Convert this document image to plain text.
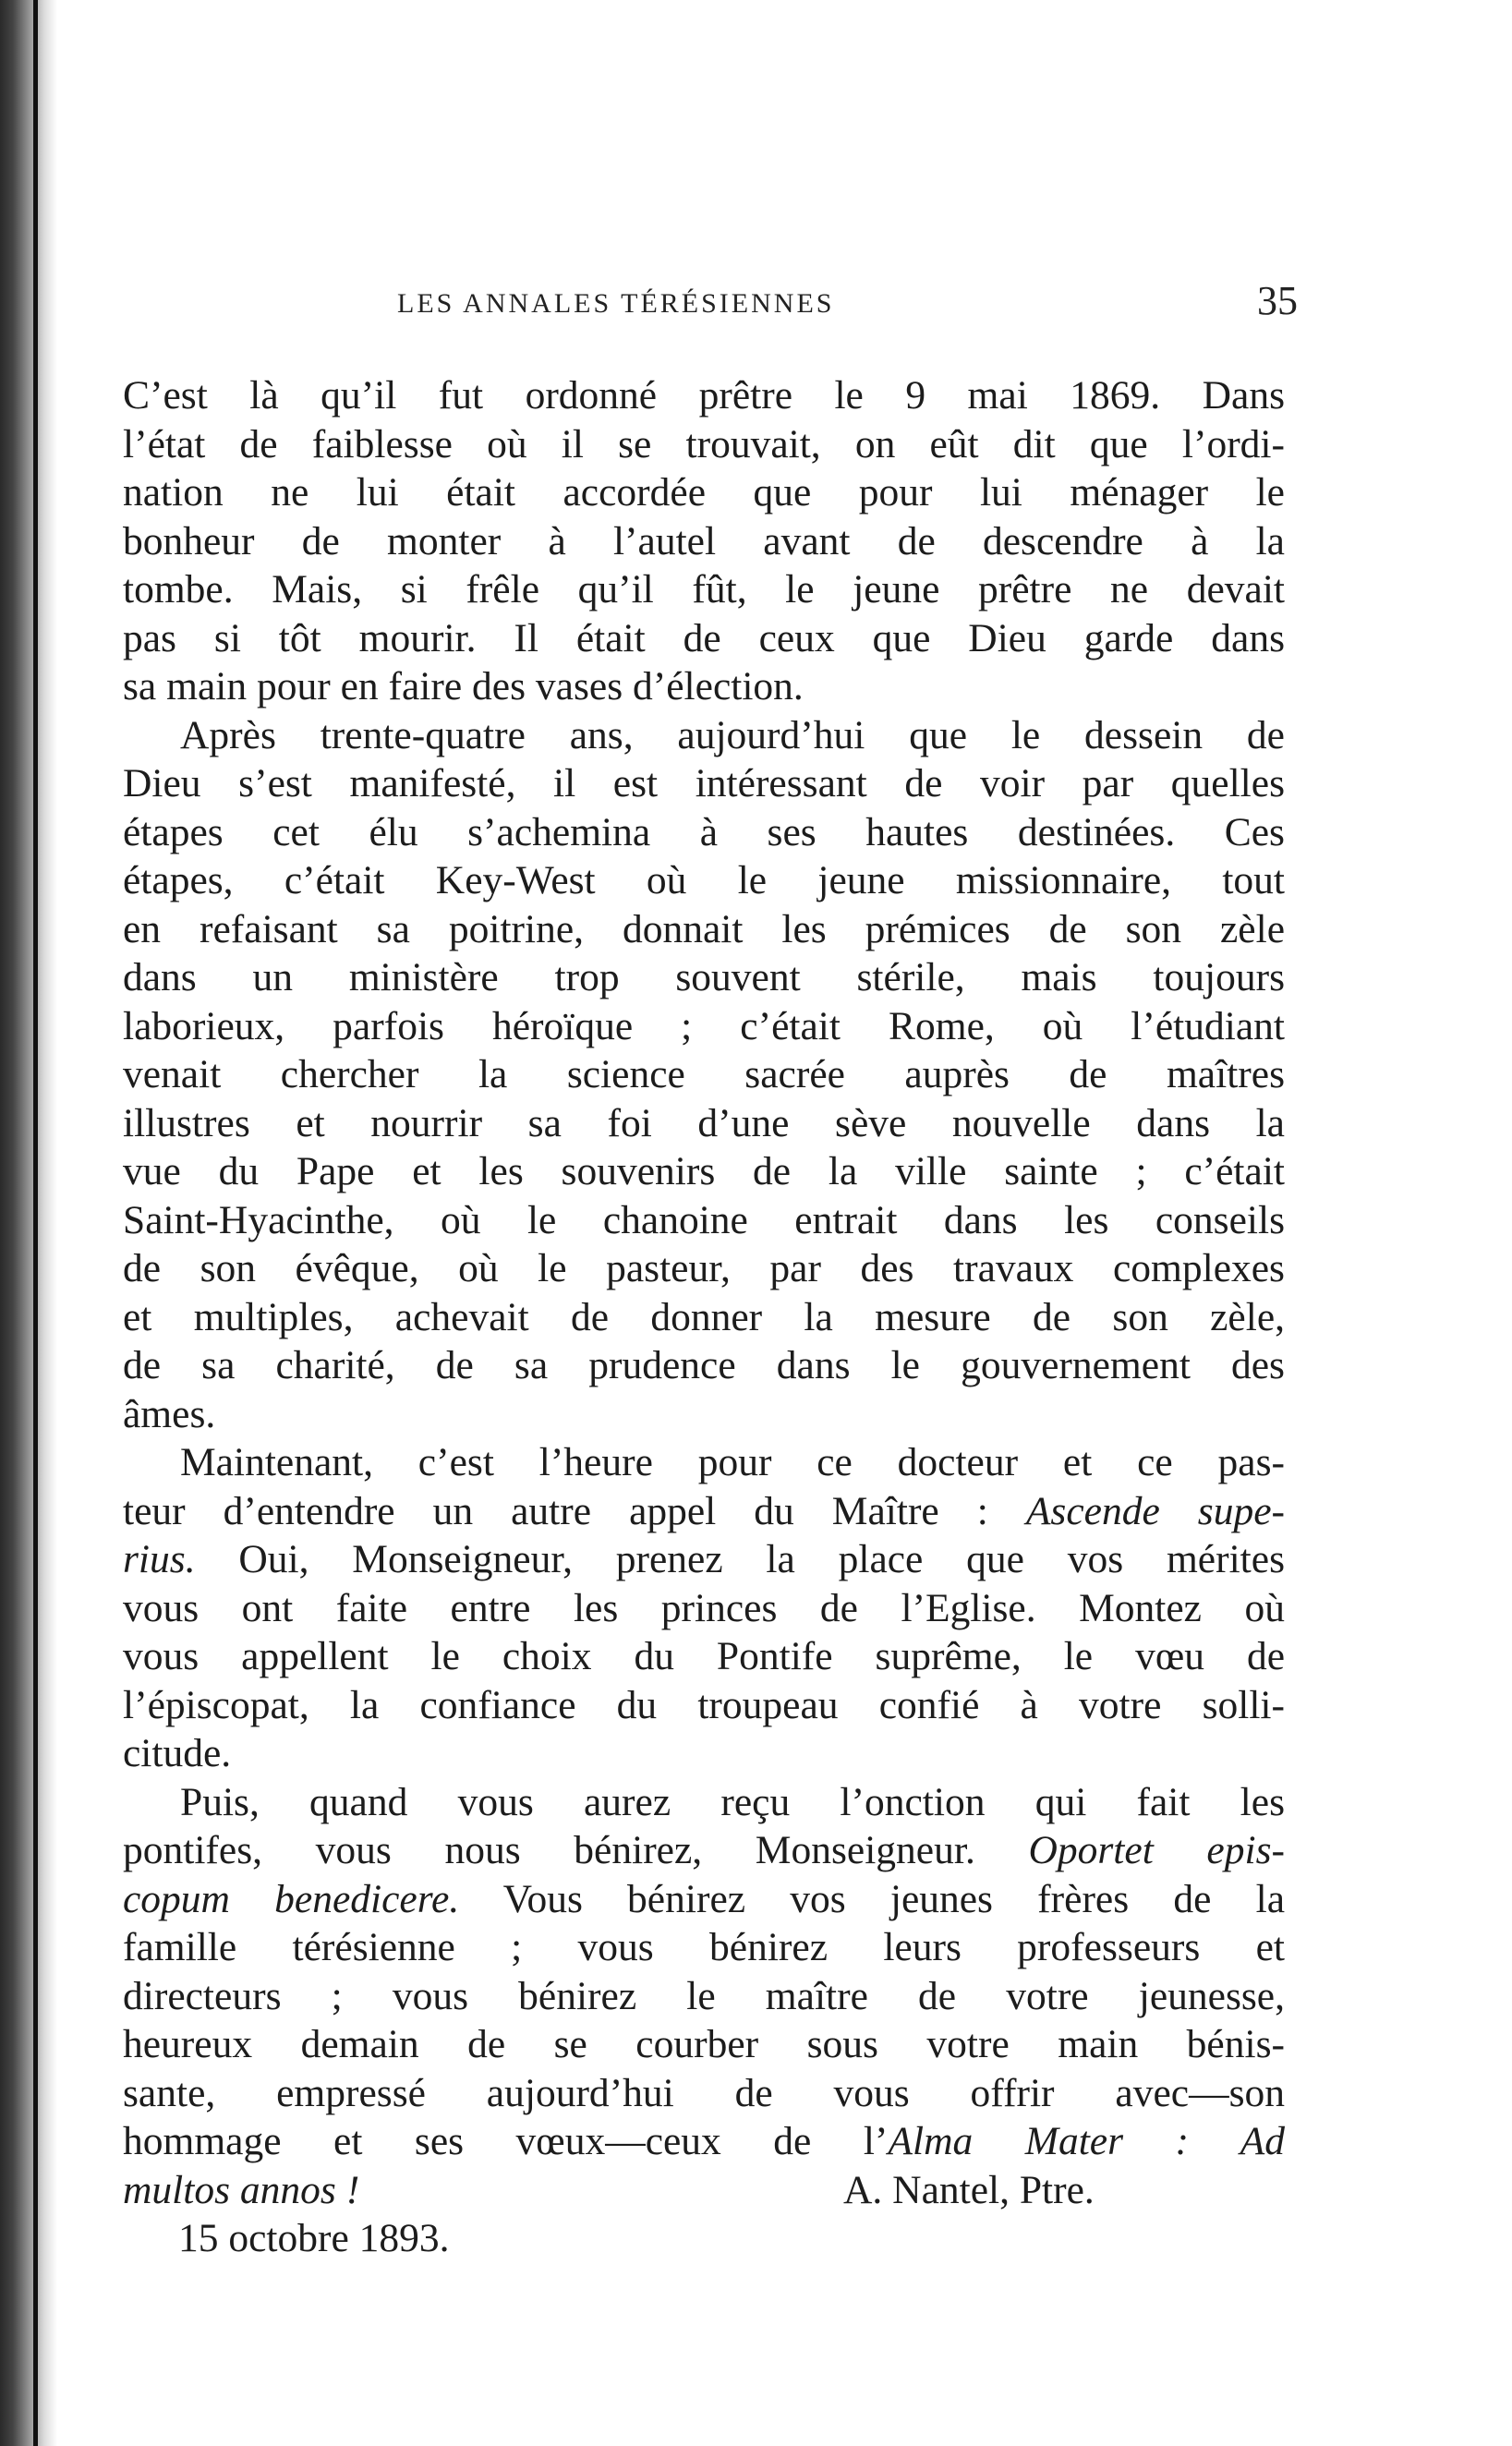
LES ANNALES TÉRÉSIENNES	35
C’est là qu’il fut ordonné prêtre le 9 mai 1869. Dans
l’état de faiblesse où il se trouvait, on eût dit que l’ordi-
nation ne lui était accordée que pour lui ménager le
bonheur de monter à l’autel avant de descendre à la
tombe. Mais, si frêle qu’il fût, le jeune prêtre ne devait
pas si tôt mourir. Il était de ceux que Dieu garde dans
sa main pour en faire des vases d’élection.
Après trente-quatre ans, aujourd’hui que le dessein de
Dieu s’est manifesté, il est intéressant de voir par quelles
étapes cet élu s’achemina à ses hautes destinées. Ces
étapes, c’était Key-West où le jeune missionnaire, tout
en refaisant sa poitrine, donnait les prémices de son zèle
dans un ministère trop souvent stérile, mais toujours
laborieux, parfois héroïque ; c’était Rome, où l’étudiant
venait chercher la science sacrée auprès de maîtres
illustres et nourrir sa foi d’une sève nouvelle dans la
vue du Pape et les souvenirs de la ville sainte ; c’était
Saint-Hyacinthe, où le chanoine entrait dans les conseils
de son évêque, où le pasteur, par des travaux complexes
et multiples, achevait de donner la mesure de son zèle,
de sa charité, de sa prudence dans le gouvernement des
âmes.
Maintenant, c’est l’heure pour ce docteur et ce pas-
teur d’entendre un autre appel du Maître : Ascende supe-
rius. Oui, Monseigneur, prenez la place que vos mérites
vous ont faite entre les princes de l’Eglise. Montez où
vous appellent le choix du Pontife suprême, le vœu de
l’épiscopat, la confiance du troupeau confié à votre solli-
citude.
Puis, quand vous aurez reçu l’onction qui fait les
pontifes, vous nous bénirez, Monseigneur. Oportet epis-
copum benedicere. Vous bénirez vos jeunes frères de la
famille térésienne ; vous bénirez leurs professeurs et
directeurs ; vous bénirez le maître de votre jeunesse,
heureux demain de se courber sous votre main bénis-
sante, empressé aujourd’hui de vous offrir avec—son
hommage et ses vœux—ceux de l’Alma Mater : Ad
multos annos !	A. Nantel, Ptre.
15 octobre 1893.
